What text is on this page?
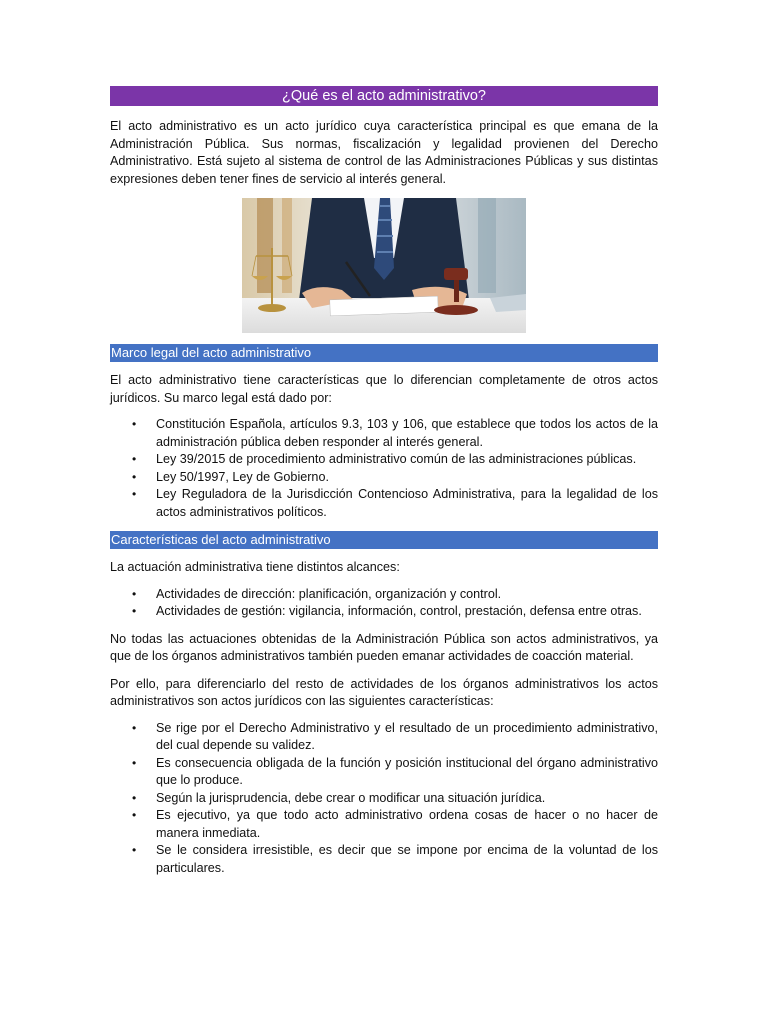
¿Qué es el acto administrativo?

El acto administrativo es un acto jurídico cuya característica principal es que emana de la Administración Pública. Sus normas, fiscalización y legalidad provienen del Derecho Administrativo. Está sujeto al sistema de control de las Administraciones Públicas y sus distintas expresiones deben tener fines de servicio al interés general.

Marco legal del acto administrativo

El acto administrativo tiene características que lo diferencian completamente de otros actos jurídicos. Su marco legal está dado por:

• Constitución Española, artículos 9.3, 103 y 106, que establece que todos los actos de la administración pública deben responder al interés general.
• Ley 39/2015 de procedimiento administrativo común de las administraciones públicas.
• Ley 50/1997, Ley de Gobierno.
• Ley Reguladora de la Jurisdicción Contencioso Administrativa, para la legalidad de los actos administrativos políticos.
Características del acto administrativo

La actuación administrativa tiene distintos alcances:

• Actividades de dirección: planificación, organización y control.
• Actividades de gestión: vigilancia, información, control, prestación, defensa entre otras.

No todas las actuaciones obtenidas de la Administración Pública son actos administrativos, ya que de los órganos administrativos también pueden emanar actividades de coacción material.

Por ello, para diferenciarlo del resto de actividades de los órganos administrativos los actos administrativos son actos jurídicos con las siguientes características:

• Se rige por el Derecho Administrativo y el resultado de un procedimiento administrativo, del cual depende su validez.
• Es consecuencia obligada de la función y posición institucional del órgano administrativo que lo produce.
• Según la jurisprudencia, debe crear o modificar una situación jurídica.
• Es ejecutivo, ya que todo acto administrativo ordena cosas de hacer o no hacer de manera inmediata.
• Se le considera irresistible, es decir que se impone por encima de la voluntad de los particulares.
